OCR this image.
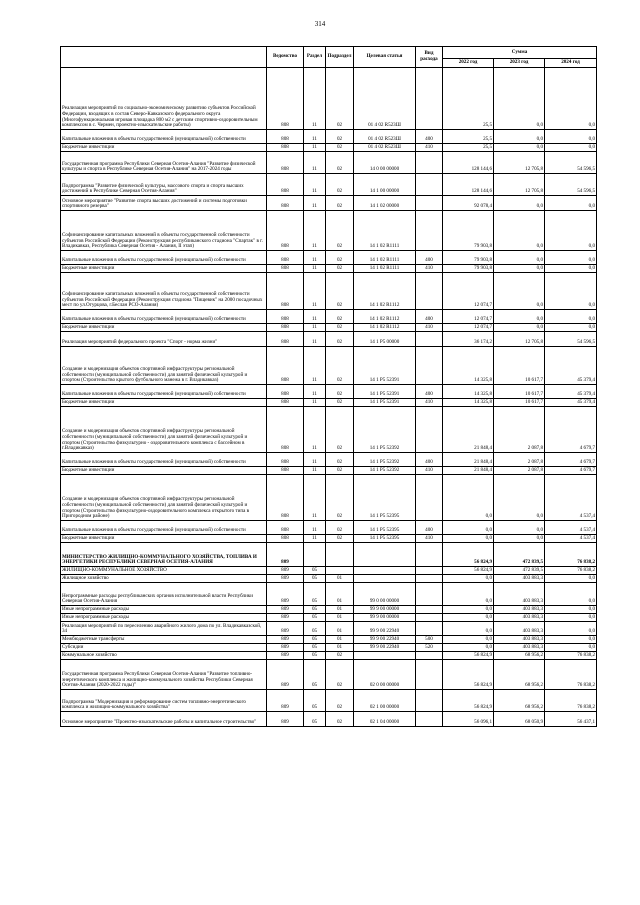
314
	Ведомство	Раздел	Подраздел	Целевая статья	Вид расхода	Сумма		
						2022 год	2023 год	2024 год
Реализация мероприятий по социально-экономическому развитию субъектов Российской Федерации, входящих в состав Северо-Кавказского федерального округа (Многофункциональная игровая площадка 800 м2 с детским спортивно-оздоровительным комплексом в с. Чермен, проектно-изыскательские работы)	808	11	02	01 4 02 R523Ш		25,5	0,0	0,0
Капитальные вложения в объекты государственной (муниципальной) собственности	808	11	02	01 4 02 R523Ш	400	25,5	0,0	0,0
Бюджетные инвестиции	808	11	02	01 4 02 R523Ш	410	25,5	0,0	0,0
Государственная программа Республики Северная Осетия-Алания "Развитие физической культуры и спорта в Республике Северная Осетия-Алания" на 2017-2024 годы	808	11	02	14 0 00 00000		128 144,6	12 705,8	54 596,5
Подпрограмма "Развитие физической культуры, массового спорта и спорта высших достижений в Республике Северная Осетия-Алания"	808	11	02	14 1 00 00000		128 144,6	12 705,8	54 596,5
Основное мероприятие "Развитие спорта высших достижений и системы подготовки спортивного резерва"	808	11	02	14 1 02 00000		92 078,4	0,0	0,0
Софинансирование капитальных вложений в объекты государственной собственности субъектов Российской Федерации (Реконструкция республиканского стадиона "Спартак" в г. Владикавказ, Республика Северная Осетия - Алания, II этап)	808	11	02	14 1 02 R1111		79 903,8	0,0	0,0
Капитальные вложения в объекты государственной (муниципальной) собственности	808	11	02	14 1 02 R1111	400	79 903,8	0,0	0,0
Бюджетные инвестиции	808	11	02	14 1 02 R1111	410	79 903,8	0,0	0,0
Софинансирование капитальных вложений в объекты государственной собственности субъектов Российской Федерации (Реконструкция стадиона "Пищевик" на 2000 посадочных мест по ул.Огурцова, г.Беслан РСО-Алания)	808	11	02	14 1 02 R1112		12 074,7	0,0	0,0
Капитальные вложения в объекты государственной (муниципальной) собственности	808	11	02	14 1 02 R1112	400	12 074,7	0,0	0,0
Бюджетные инвестиции	808	11	02	14 1 02 R1112	410	12 074,7	0,0	0,0
Реализация мероприятий федерального проекта "Спорт - норма жизни"	808	11	02	14 1 P5 00000		36 174,2	12 705,8	54 596,5
Создание и модернизация объектов спортивной инфраструктуры региональной собственности (муниципальной собственности) для занятий физической культурой и спортом (Строительство крытого футбольного манежа в г. Владикавказ)	808	11	02	14 1 P5 52391		14 325,8	10 617,7	45 379,4
Капитальные вложения в объекты государственной (муниципальной) собственности	808	11	02	14 1 P5 52391	400	14 325,8	10 617,7	45 379,4
Бюджетные инвестиции	808	11	02	14 1 P5 52391	410	14 325,8	10 617,7	45 379,4
Создание и модернизация объектов спортивной инфраструктуры региональной собственности (муниципальной собственности) для занятий физической культурой и спортом (Строительство физкультурно - оздоровительного комплекса с бассейном в г.Владикавказ)	808	11	02	14 1 P5 52392		21 848,4	2 087,8	4 679,7
Капитальные вложения в объекты государственной (муниципальной) собственности	808	11	02	14 1 P5 52392	400	21 848,4	2 087,8	4 679,7
Бюджетные инвестиции	808	11	02	14 1 P5 52392	410	21 848,4	2 087,8	4 679,7
Создание и модернизация объектов спортивной инфраструктуры региональной собственности (муниципальной собственности) для занятий физической культурой и спортом (Строительство физкультурно-оздоровительного комплекса открытого типа в Пригородном районе)	808	11	02	14 1 P5 52395		0,0	0,0	4 537,4
Капитальные вложения в объекты государственной (муниципальной) собственности	808	11	02	14 1 P5 52395	400	0,0	0,0	4 537,4
Бюджетные инвестиции	808	11	02	14 1 P5 52395	410	0,0	0,0	4 537,4
МИНИСТЕРСТВО ЖИЛИЩНО-КОММУНАЛЬНОГО ХОЗЯЙСТВА, ТОПЛИВА И ЭНЕРГЕТИКИ РЕСПУБЛИКИ СЕВЕРНАЯ ОСЕТИЯ-АЛАНИЯ	809					56 824,9	472 839,5	76 838,2
ЖИЛИЩНО-КОММУНАЛЬНОЕ ХОЗЯЙСТВО	809	05				56 824,9	472 839,5	76 838,2
Жилищное хозяйство	809	05	01			0,0	403 883,3	0,0
Непрограммные расходы республиканских органов исполнительной власти Республики Северная Осетия-Алания	809	05	01	99 0 00 00000		0,0	403 883,3	0,0
Иные непрограммные расходы	809	05	01	99 9 00 00000		0,0	403 883,3	0,0
Иные непрограммные расходы	809	05	01	99 9 00 00000		0,0	403 883,3	0,0
Реализация мероприятий по переселению аварийного жилого дома по ул. Владикавказской, 34	809	05	01	99 9 00 22940		0,0	403 883,3	0,0
Межбюджетные трансферты	809	05	01	99 9 00 22940	500	0,0	403 883,3	0,0
Субсидии	809	05	01	99 9 00 22940	520	0,0	403 883,3	0,0
Коммунальное хозяйство	809	05	02			56 824,9	68 956,2	76 838,2
Государственная программа Республики Северная Осетия-Алания "Развитие топливно-энергетического комплекса и жилищно-коммунального хозяйства Республики Северная Осетия-Алания (2020-2022 годы)"	809	05	02	02 0 00 00000		56 824,9	68 956,2	76 838,2
Подпрограмма "Модернизация и реформирование систем топливно-энергетического комплекса и жилищно-коммунального хозяйства"	809	05	02	02 1 00 00000		56 824,9	68 956,2	76 838,2
Основное мероприятие "Проектно-изыскательские работы и капитальное строительство"	809	05	02	02 1 04 00000		56 096,1	68 050,9	56 437,1
